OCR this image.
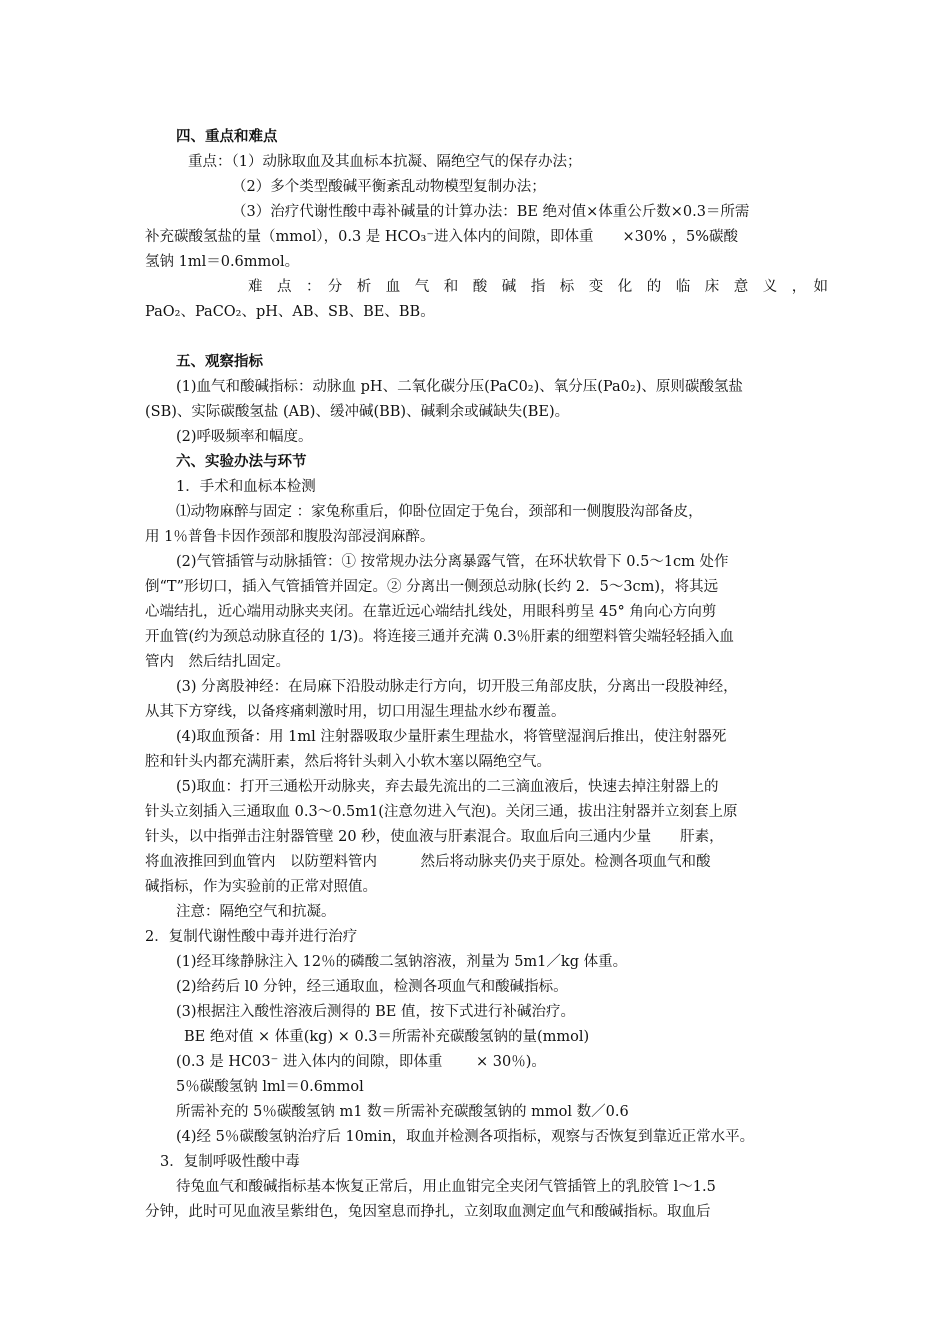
四、重点和难点
重点：（1）动脉取血及其血标本抗凝、隔绝空气的保存办法；
（2）多个类型酸碱平衡紊乱动物模型复制办法；
（3）治疗代谢性酸中毒补碱量的计算办法：BE 绝对值×体重公斤数×0.3＝所需
补充碳酸氢盐的量（mmol），0.3 是 HCO₃⁻进入体内的间隙，即体重　　×30% ，5%碳酸
氢钠 1ml＝0.6mmol。
难　点　：　分　析　血　气　和　酸　碱　指　标　变　化　的　临　床　意　义　，　如
PaO₂、PaCO₂、pH、AB、SB、BE、BB。
五、观察指标
(1)血气和酸碱指标：动脉血 pH、二氧化碳分压(PaC0₂)、氧分压(Pa0₂)、原则碳酸氢盐
(SB)、实际碳酸氢盐 (AB)、缓冲碱(BB)、碱剩余或碱缺失(BE)。
(2)呼吸频率和幅度。
六、实验办法与环节
1．手术和血标本检测
⑴动物麻醉与固定 ：家兔称重后，仰卧位固定于兔台，颈部和一侧腹股沟部备皮，
用 1％普鲁卡因作颈部和腹股沟部浸润麻醉。
(2)气管插管与动脉插管：① 按常规办法分离暴露气管，在环状软骨下 0.5～1cm 处作
倒“T”形切口，插入气管插管并固定。② 分离出一侧颈总动脉(长约 2．5～3cm)，将其远
心端结扎，近心端用动脉夹夹闭。在靠近远心端结扎线处，用眼科剪呈 45° 角向心方向剪
开血管(约为颈总动脉直径的 1/3)。将连接三通并充满 0.3％肝素的细塑料管尖端轻轻插入血
管内　然后结扎固定。
(3) 分离股神经：在局麻下沿股动脉走行方向，切开股三角部皮肤，分离出一段股神经，
从其下方穿线，以备疼痛刺激时用，切口用湿生理盐水纱布覆盖。
(4)取血预备：用 1ml 注射器吸取少量肝素生理盐水，将管壁湿润后推出，使注射器死
腔和针头内都充满肝素，然后将针头刺入小软木塞以隔绝空气。
(5)取血：打开三通松开动脉夹，弃去最先流出的二三滴血液后，快速去掉注射器上的
针头立刻插入三通取血 0.3～0.5m1(注意勿进入气泡)。关闭三通，拔出注射器并立刻套上原
针头，以中指弹击注射器管壁 20 秒，使血液与肝素混合。取血后向三通内少量　　肝素，
将血液推回到血管内　以防塑料管内　　　然后将动脉夹仍夹于原处。检测各项血气和酸
碱指标，作为实验前的正常对照值。
注意：隔绝空气和抗凝。
2．复制代谢性酸中毒并进行治疗
(1)经耳缘静脉注入 12％的磷酸二氢钠溶液，剂量为 5m1／kg 体重。
(2)给药后 l0 分钟，经三通取血，检测各项血气和酸碱指标。
(3)根据注入酸性溶液后测得的 BE 值，按下式进行补碱治疗。
BE 绝对值 × 体重(kg) × 0.3＝所需补充碳酸氢钠的量(mmol)
(0.3 是 HC03⁻ 进入体内的间隙，即体重　　 × 30％)。
5％碳酸氢钠 lml＝0.6mmol
所需补充的 5％碳酸氢钠 m1 数＝所需补充碳酸氢钠的 mmol 数／0.6
(4)经 5％碳酸氢钠治疗后 10min，取血并检测各项指标，观察与否恢复到靠近正常水平。
3．复制呼吸性酸中毒
待兔血气和酸碱指标基本恢复正常后，用止血钳完全夹闭气管插管上的乳胶管 l～1.5
分钟，此时可见血液呈紫绀色，兔因窒息而挣扎，立刻取血测定血气和酸碱指标。取血后
